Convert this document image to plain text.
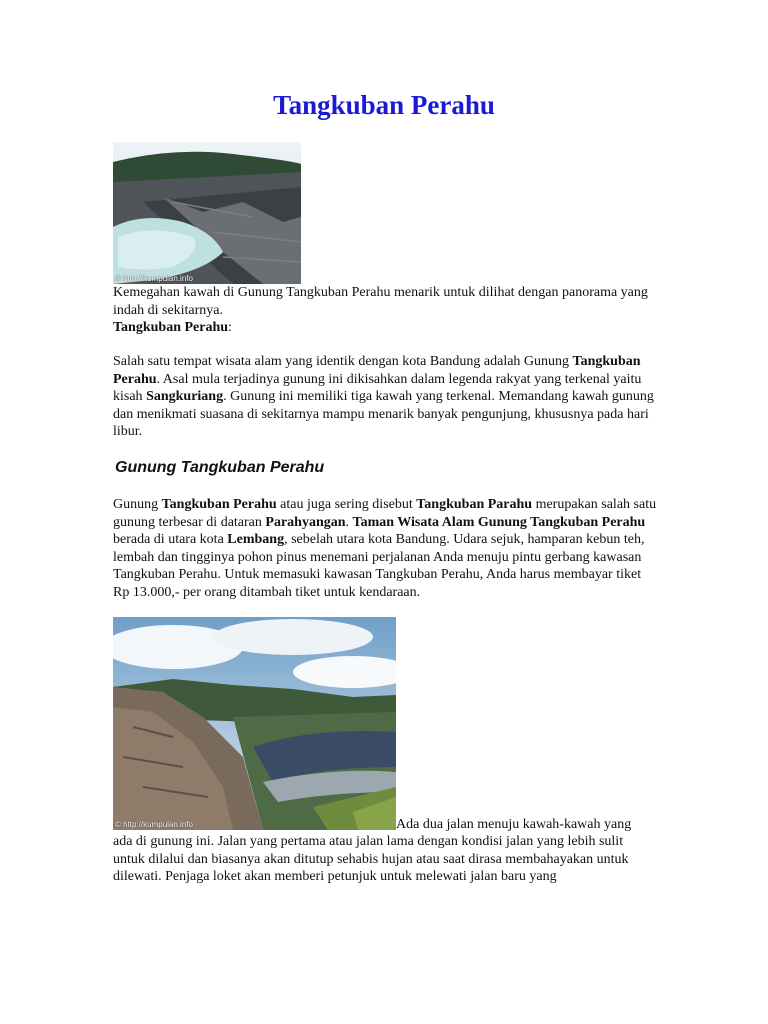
Tangkuban Perahu
© http://kumpulan.info

Kemegahan kawah di Gunung Tangkuban Perahu menarik untuk dilihat dengan panorama yang indah di sekitarnya.

Tangkuban Perahu:

Salah satu tempat wisata alam yang identik dengan kota Bandung adalah Gunung Tangkuban Perahu. Asal mula terjadinya gunung ini dikisahkan dalam legenda rakyat yang terkenal yaitu kisah Sangkuriang. Gunung ini memiliki tiga kawah yang terkenal. Memandang kawah gunung dan menikmati suasana di sekitarnya mampu menarik banyak pengunjung, khususnya pada hari libur.

Gunung Tangkuban Perahu

Gunung Tangkuban Perahu atau juga sering disebut Tangkuban Parahu merupakan salah satu gunung terbesar di dataran Parahyangan. Taman Wisata Alam Gunung Tangkuban Perahu berada di utara kota Lembang, sebelah utara kota Bandung. Udara sejuk, hamparan kebun teh, lembah dan tingginya pohon pinus menemani perjalanan Anda menuju pintu gerbang kawasan Tangkuban Perahu. Untuk memasuki kawasan Tangkuban Perahu, Anda harus membayar tiket Rp 13.000,- per orang ditambah tiket untuk kendaraan.

© http://kumpulan.info	Ada dua jalan menuju kawah-kawah yang

ada di gunung ini. Jalan yang pertama atau jalan lama dengan kondisi jalan yang lebih sulit untuk dilalui dan biasanya akan ditutup sehabis hujan atau saat dirasa membahayakan untuk dilewati. Penjaga loket akan memberi petunjuk untuk melewati jalan baru yang
